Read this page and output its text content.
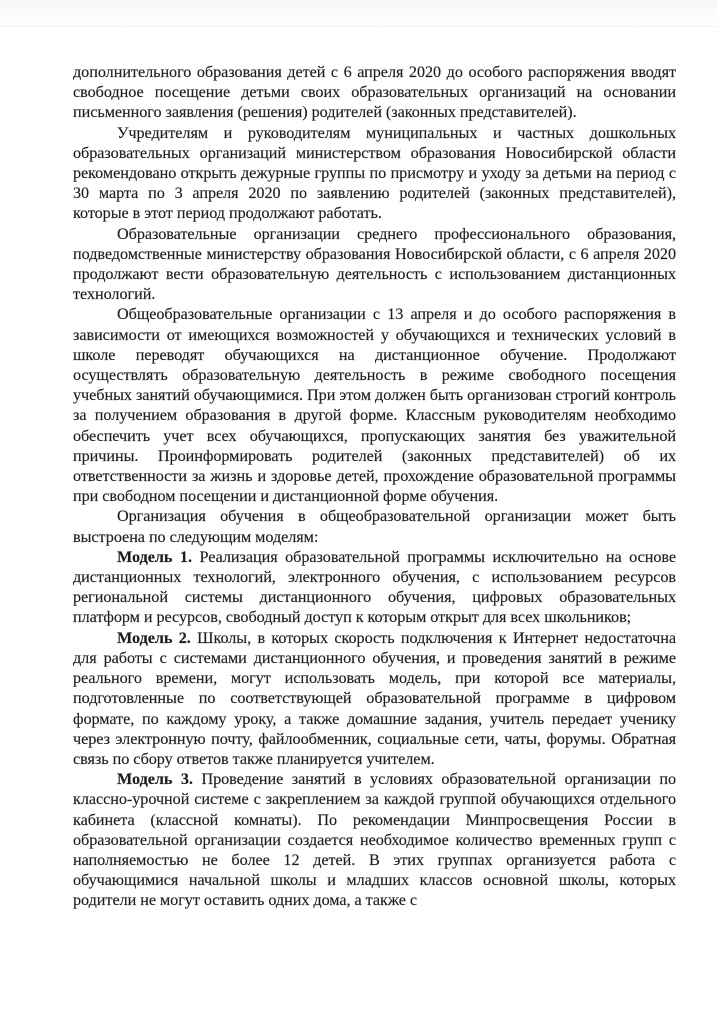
дополнительного образования детей с 6 апреля 2020 до особого распоряжения вводят свободное посещение детьми своих образовательных организаций на основании письменного заявления (решения) родителей (законных представителей).

Учредителям и руководителям муниципальных и частных дошкольных образовательных организаций министерством образования Новосибирской области рекомендовано открыть дежурные группы по присмотру и уходу за детьми на период с 30 марта по 3 апреля 2020 по заявлению родителей (законных представителей), которые в этот период продолжают работать.

Образовательные организации среднего профессионального образования, подведомственные министерству образования Новосибирской области, с 6 апреля 2020 продолжают вести образовательную деятельность с использованием дистанционных технологий.

Общеобразовательные организации с 13 апреля и до особого распоряжения в зависимости от имеющихся возможностей у обучающихся и технических условий в школе переводят обучающихся на дистанционное обучение. Продолжают осуществлять образовательную деятельность в режиме свободного посещения учебных занятий обучающимися. При этом должен быть организован строгий контроль за получением образования в другой форме. Классным руководителям необходимо обеспечить учет всех обучающихся, пропускающих занятия без уважительной причины. Проинформировать родителей (законных представителей) об их ответственности за жизнь и здоровье детей, прохождение образовательной программы при свободном посещении и дистанционной форме обучения.

Организация обучения в общеобразовательной организации может быть выстроена по следующим моделям:

Модель 1. Реализация образовательной программы исключительно на основе дистанционных технологий, электронного обучения, с использованием ресурсов региональной системы дистанционного обучения, цифровых образовательных платформ и ресурсов, свободный доступ к которым открыт для всех школьников;

Модель 2. Школы, в которых скорость подключения к Интернет недостаточна для работы с системами дистанционного обучения, и проведения занятий в режиме реального времени, могут использовать модель, при которой все материалы, подготовленные по соответствующей образовательной программе в цифровом формате, по каждому уроку, а также домашние задания, учитель передает ученику через электронную почту, файлообменник, социальные сети, чаты, форумы. Обратная связь по сбору ответов также планируется учителем.

Модель 3. Проведение занятий в условиях образовательной организации по классно-урочной системе с закреплением за каждой группой обучающихся отдельного кабинета (классной комнаты). По рекомендации Минпросвещения России в образовательной организации создается необходимое количество временных групп с наполняемостью не более 12 детей. В этих группах организуется работа с обучающимися начальной школы и младших классов основной школы, которых родители не могут оставить одних дома, а также с
